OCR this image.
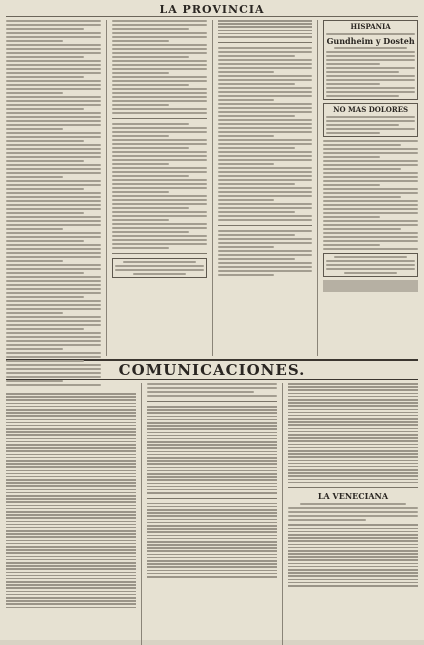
LA PROVINCIA
HISPANIA
Gundheim y Dosteh
NO MAS DOLORES
COMUNICACIONES.
LA VENECIANA
